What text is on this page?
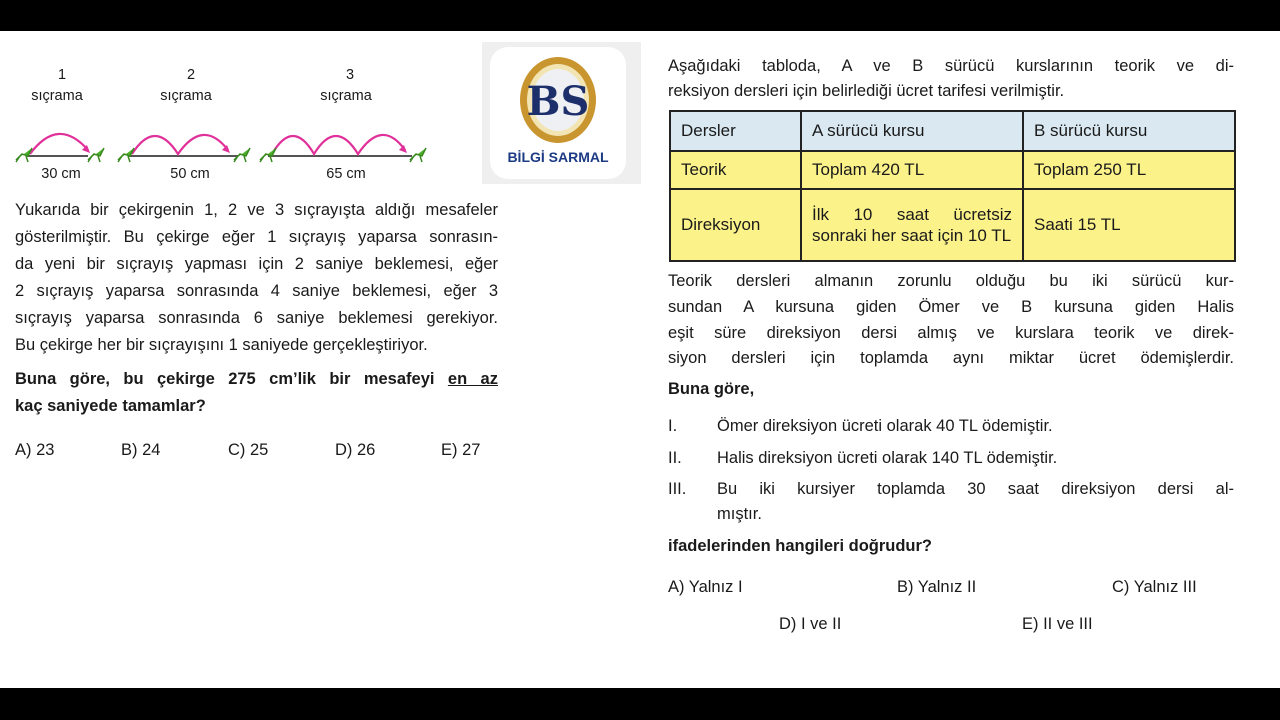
1
sıçrama
2
sıçrama
3
sıçrama
30 cm	50 cm	65 cm
Yukarıda bir çekirgenin 1, 2 ve 3 sıçrayışta aldığı mesafeler
gösterilmiştir. Bu çekirge eğer 1 sıçrayış yaparsa sonrasın-
da yeni bir sıçrayış yapması için 2 saniye beklemesi, eğer
2 sıçrayış yaparsa sonrasında 4 saniye beklemesi, eğer 3
sıçrayış yaparsa sonrasında 6 saniye beklemesi gerekiyor.
Bu çekirge her bir sıçrayışını 1 saniyede gerçekleştiriyor.
Buna göre, bu çekirge 275 cm’lik bir mesafeyi en az
kaç saniyede tamamlar?
A) 23	B) 24	C) 25	D) 26	E) 27
BS
BİLGİ SARMAL
Aşağıdaki tabloda, A ve B sürücü kurslarının teorik ve di-
reksiyon dersleri için belirlediği ücret tarifesi verilmiştir.
Dersler	A sürücü kursu	B sürücü kursu
Teorik	Toplam 420 TL	Toplam 250 TL
Direksiyon	İlk 10 saat ücretsiz sonraki her saat için 10 TL	Saati 15 TL
Teorik dersleri almanın zorunlu olduğu bu iki sürücü kur-
sundan A kursuna giden Ömer ve B kursuna giden Halis
eşit süre direksiyon dersi almış ve kurslara teorik ve direk-
siyon dersleri için toplamda aynı miktar ücret ödemişlerdir.
Buna göre,
I. Ömer direksiyon ücreti olarak 40 TL ödemiştir.
II. Halis direksiyon ücreti olarak 140 TL ödemiştir.
III. Bu iki kursiyer toplamda 30 saat direksiyon dersi al-
mıştır.
ifadelerinden hangileri doğrudur?
A) Yalnız I	B) Yalnız II	C) Yalnız III
D) I ve II	E) II ve III
